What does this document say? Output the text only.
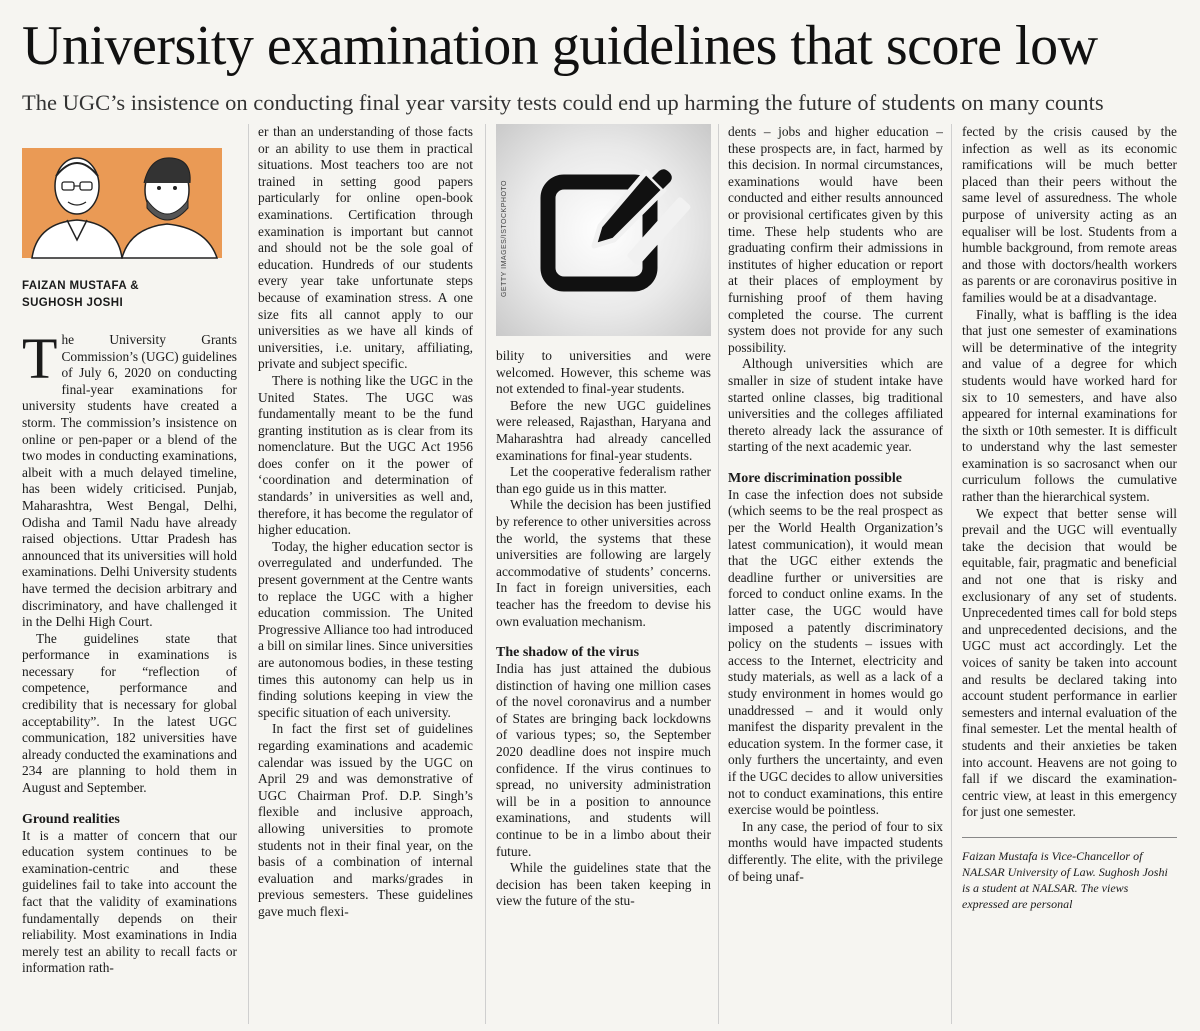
University examination guidelines that score low
The UGC’s insistence on conducting final year varsity tests could end up harming the future of students on many counts
FAIZAN MUSTAFA &
SUGHOSH JOSHI

The University Grants Commission’s (UGC) guidelines of July 6, 2020 on conducting final-year examinations for university students have created a storm. The commission’s insistence on online or pen-paper or a blend of the two modes in conducting examinations, albeit with a much delayed timeline, has been widely criticised. Punjab, Maharashtra, West Bengal, Delhi, Odisha and Tamil Nadu have already raised objections. Uttar Pradesh has announced that its universities will hold examinations. Delhi University students have termed the decision arbitrary and discriminatory, and have challenged it in the Delhi High Court.

The guidelines state that performance in examinations is necessary for “reflection of competence, performance and credibility that is necessary for global acceptability”. In the latest UGC communication, 182 universities have already conducted the examinations and 234 are planning to hold them in August and September.

Ground realities

It is a matter of concern that our education system continues to be examination-centric and these guidelines fail to take into account the fact that the validity of examinations fundamentally depends on their reliability. Most examinations in India merely test an ability to recall facts or information rath-

er than an understanding of those facts or an ability to use them in practical situations. Most teachers too are not trained in setting good papers particularly for online open-book examinations. Certification through examination is important but cannot and should not be the sole goal of education. Hundreds of our students every year take unfortunate steps because of examination stress. A one size fits all cannot apply to our universities as we have all kinds of universities, i.e. unitary, affiliating, private and subject specific.

There is nothing like the UGC in the United States. The UGC was fundamentally meant to be the fund granting institution as is clear from its nomenclature. But the UGC Act 1956 does confer on it the power of ‘coordination and determination of standards’ in universities as well and, therefore, it has become the regulator of higher education.

Today, the higher education sector is overregulated and underfunded. The present government at the Centre wants to replace the UGC with a higher education commission. The United Progressive Alliance too had introduced a bill on similar lines. Since universities are autonomous bodies, in these testing times this autonomy can help us in finding solutions keeping in view the specific situation of each university.

In fact the first set of guidelines regarding examinations and academic calendar was issued by the UGC on April 29 and was demonstrative of UGC Chairman Prof. D.P. Singh’s flexible and inclusive approach, allowing universities to promote students not in their final year, on the basis of a combination of internal evaluation and marks/grades in previous semesters. These guidelines gave much flexi-

GETTY IMAGES/ISTOCKPHOTO

bility to universities and were welcomed. However, this scheme was not extended to final-year students.

Before the new UGC guidelines were released, Rajasthan, Haryana and Maharashtra had already cancelled examinations for final-year students.

Let the cooperative federalism rather than ego guide us in this matter.

While the decision has been justified by reference to other universities across the world, the systems that these universities are following are largely accommodative of students’ concerns. In fact in foreign universities, each teacher has the freedom to devise his own evaluation mechanism.

The shadow of the virus

India has just attained the dubious distinction of having one million cases of the novel coronavirus and a number of States are bringing back lockdowns of various types; so, the September 2020 deadline does not inspire much confidence. If the virus continues to spread, no university administration will be in a position to announce examinations, and students will continue to be in a limbo about their future.

While the guidelines state that the decision has been taken keeping in view the future of the stu-

dents – jobs and higher education – these prospects are, in fact, harmed by this decision. In normal circumstances, examinations would have been conducted and either results announced or provisional certificates given by this time. These help students who are graduating confirm their admissions in institutes of higher education or report at their places of employment by furnishing proof of them having completed the course. The current system does not provide for any such possibility.

Although universities which are smaller in size of student intake have started online classes, big traditional universities and the colleges affiliated thereto already lack the assurance of starting of the next academic year.

More discrimination possible

In case the infection does not subside (which seems to be the real prospect as per the World Health Organization’s latest communication), it would mean that the UGC either extends the deadline further or universities are forced to conduct online exams. In the latter case, the UGC would have imposed a patently discriminatory policy on the students – issues with access to the Internet, electricity and study materials, as well as a lack of a study environment in homes would go unaddressed – and it would only manifest the disparity prevalent in the education system. In the former case, it only furthers the uncertainty, and even if the UGC decides to allow universities not to conduct examinations, this entire exercise would be pointless.

In any case, the period of four to six months would have impacted students differently. The elite, with the privilege of being unaf-

fected by the crisis caused by the infection as well as its economic ramifications will be much better placed than their peers without the same level of assuredness. The whole purpose of university acting as an equaliser will be lost. Students from a humble background, from remote areas and those with doctors/health workers as parents or are coronavirus positive in families would be at a disadvantage.

Finally, what is baffling is the idea that just one semester of examinations will be determinative of the integrity and value of a degree for which students would have worked hard for six to 10 semesters, and have also appeared for internal examinations for the sixth or 10th semester. It is difficult to understand why the last semester examination is so sacrosanct when our curriculum follows the cumulative rather than the hierarchical system.

We expect that better sense will prevail and the UGC will eventually take the decision that would be equitable, fair, pragmatic and beneficial and not one that is risky and exclusionary of any set of students. Unprecedented times call for bold steps and unprecedented decisions, and the UGC must act accordingly. Let the voices of sanity be taken into account and results be declared taking into account student performance in earlier semesters and internal evaluation of the final semester. Let the mental health of students and their anxieties be taken into account. Heavens are not going to fall if we discard the examination-centric view, at least in this emergency for just one semester.

Faizan Mustafa is Vice-Chancellor of NALSAR University of Law. Sughosh Joshi is a student at NALSAR. The views expressed are personal
